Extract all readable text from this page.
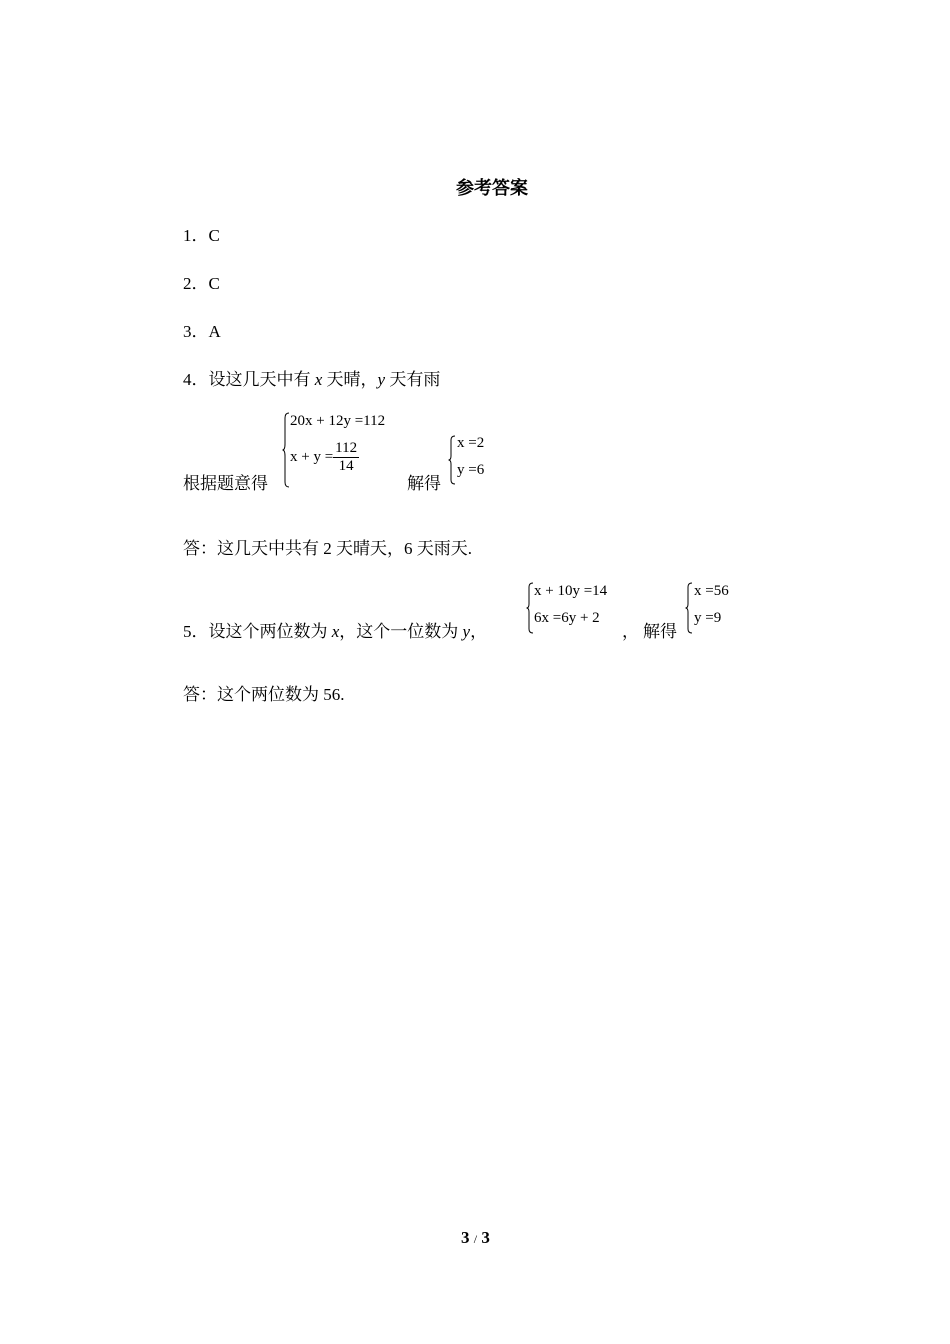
参考答案
1．C
2．C
3．A
4．设这几天中有 x 天晴，y 天有雨
根据题意得
20x + 12y =112
$x + y = \frac{112}{14}$
解得
x =2
y =6
答：这几天中共有 2 天晴天，6 天雨天.
5．设这个两位数为 x，这个一位数为 y，
x + 10y =14
6x =6y + 2
， 解得
x =56
y =9
答：这个两位数为 56.
3 / 3
